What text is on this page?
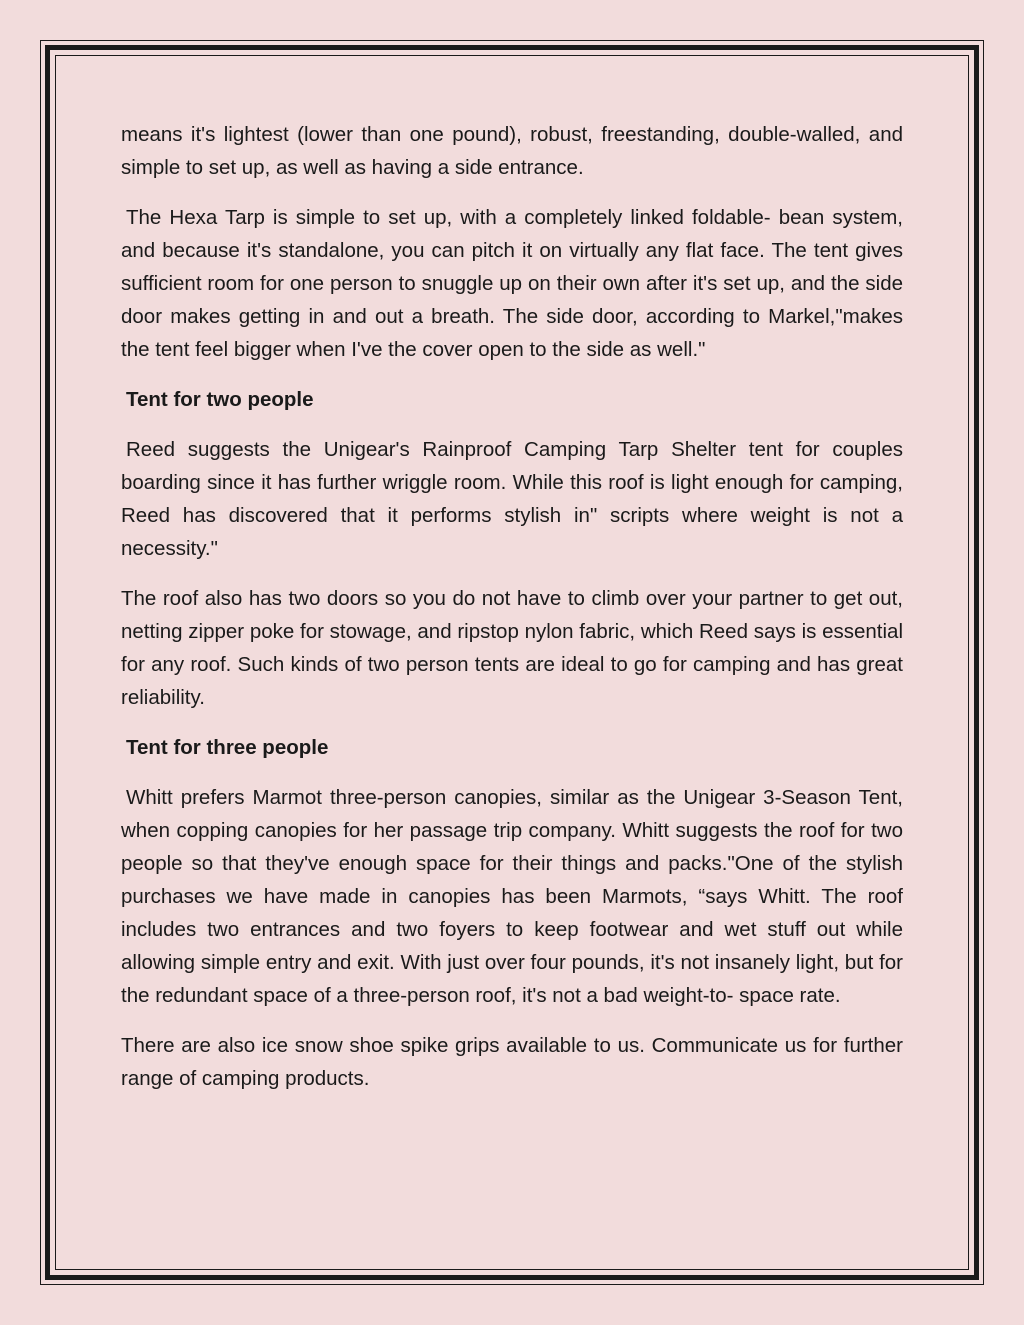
means it's lightest (lower than one pound), robust, freestanding, double-walled, and simple to set up, as well as having a side entrance.

The Hexa Tarp is simple to set up, with a completely linked foldable- bean system, and because it's standalone, you can pitch it on virtually any flat face. The tent gives sufficient room for one person to snuggle up on their own after it's set up, and the side door makes getting in and out a breath. The side door, according to Markel,"makes the tent feel bigger when I've the cover open to the side as well."

Tent for two people

Reed suggests the Unigear's Rainproof Camping Tarp Shelter tent for couples boarding since it has further wriggle room. While this roof is light enough for camping, Reed has discovered that it performs stylish in" scripts where weight is not a necessity."

The roof also has two doors so you do not have to climb over your partner to get out, netting zipper poke for stowage, and ripstop nylon fabric, which Reed says is essential for any roof. Such kinds of two person tents are ideal to go for camping and has great reliability.

Tent for three people

Whitt prefers Marmot three-person canopies, similar as the Unigear 3-Season Tent, when copping canopies for her passage trip company. Whitt suggests the roof for two people so that they've enough space for their things and packs."One of the stylish purchases we have made in canopies has been Marmots, “says Whitt. The roof includes two entrances and two foyers to keep footwear and wet stuff out while allowing simple entry and exit. With just over four pounds, it's not insanely light, but for the redundant space of a three-person roof, it's not a bad weight-to- space rate.

There are also ice snow shoe spike grips available to us. Communicate us for further range of camping products.
